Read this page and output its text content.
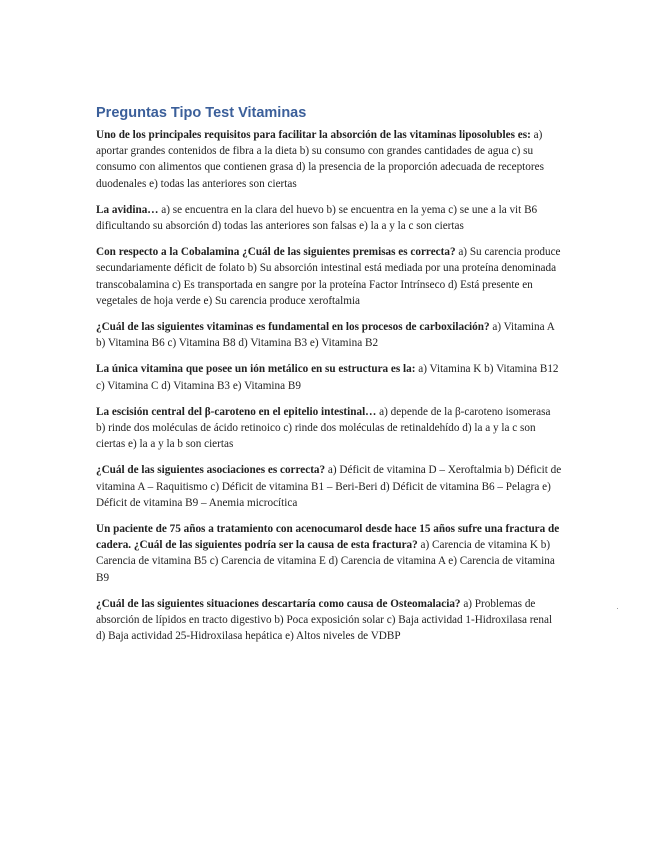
Preguntas Tipo Test Vitaminas

Uno de los principales requisitos para facilitar la absorción de las vitaminas liposolubles es: a) aportar grandes contenidos de fibra a la dieta b) su consumo con grandes cantidades de agua c) su consumo con alimentos que contienen grasa d) la presencia de la proporción adecuada de receptores duodenales e) todas las anteriores son ciertas

La avidina… a) se encuentra en la clara del huevo b) se encuentra en la yema c) se une a la vit B6 dificultando su absorción d) todas las anteriores son falsas e) la a y la c son ciertas

Con respecto a la Cobalamina ¿Cuál de las siguientes premisas es correcta? a) Su carencia produce secundariamente déficit de folato b) Su absorción intestinal está mediada por una proteína denominada transcobalamina c) Es transportada en sangre por la proteína Factor Intrínseco d) Está presente en vegetales de hoja verde e) Su carencia produce xeroftalmia

¿Cuál de las siguientes vitaminas es fundamental en los procesos de carboxilación? a) Vitamina A b) Vitamina B6 c) Vitamina B8 d) Vitamina B3 e) Vitamina B2

La única vitamina que posee un ión metálico en su estructura es la: a) Vitamina K b) Vitamina B12 c) Vitamina C d) Vitamina B3 e) Vitamina B9

La escisión central del β-caroteno en el epitelio intestinal… a) depende de la β-caroteno isomerasa b) rinde dos moléculas de ácido retinoico c) rinde dos moléculas de retinaldehído d) la a y la c son ciertas e) la a y la b son ciertas

¿Cuál de las siguientes asociaciones es correcta? a) Déficit de vitamina D – Xeroftalmia b) Déficit de vitamina A – Raquitismo c) Déficit de vitamina B1 – Beri-Beri d) Déficit de vitamina B6 – Pelagra e) Déficit de vitamina B9 – Anemia microcítica

Un paciente de 75 años a tratamiento con acenocumarol desde hace 15 años sufre una fractura de cadera. ¿Cuál de las siguientes podría ser la causa de esta fractura? a) Carencia de vitamina K b) Carencia de vitamina B5 c) Carencia de vitamina E d) Carencia de vitamina A e) Carencia de vitamina B9

¿Cuál de las siguientes situaciones descartaría como causa de Osteomalacia? a) Problemas de absorción de lípidos en tracto digestivo b) Poca exposición solar c) Baja actividad 1-Hidroxilasa renal d) Baja actividad 25-Hidroxilasa hepática e) Altos niveles de VDBP
